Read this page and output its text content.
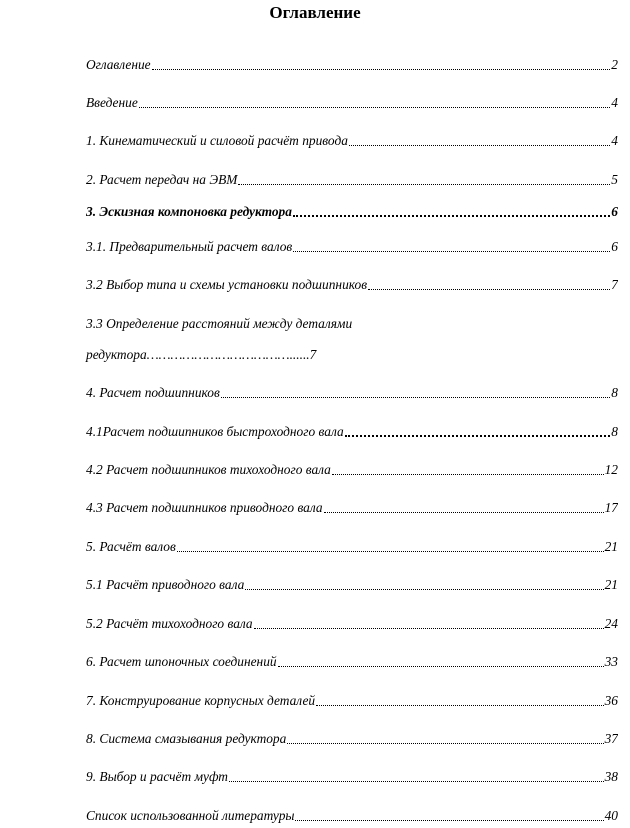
Оглавление
Оглавление	2
Введение	4
1. Кинематический и силовой расчёт привода	4
2. Расчет передач на ЭВМ	5
3. Эскизная компоновка редуктора	6
3.1. Предварительный расчет валов	6
3.2 Выбор типа и схемы установки подшипников	7
3.3 Определение расстояний между деталями
редуктора………………………………......7
4. Расчет подшипников	8
4.1Расчет подшипников быстроходного вала	8
4.2 Расчет подшипников тихоходного вала	12
4.3 Расчет подшипников приводного вала	17
5. Расчёт валов	21
5.1 Расчёт приводного вала	21
5.2 Расчёт тихоходного вала	24
6. Расчет шпоночных соединений	33
7. Конструирование корпусных деталей	36
8. Система смазывания редуктора	37
9. Выбор и расчёт муфт	38
Список использованной литературы	40
